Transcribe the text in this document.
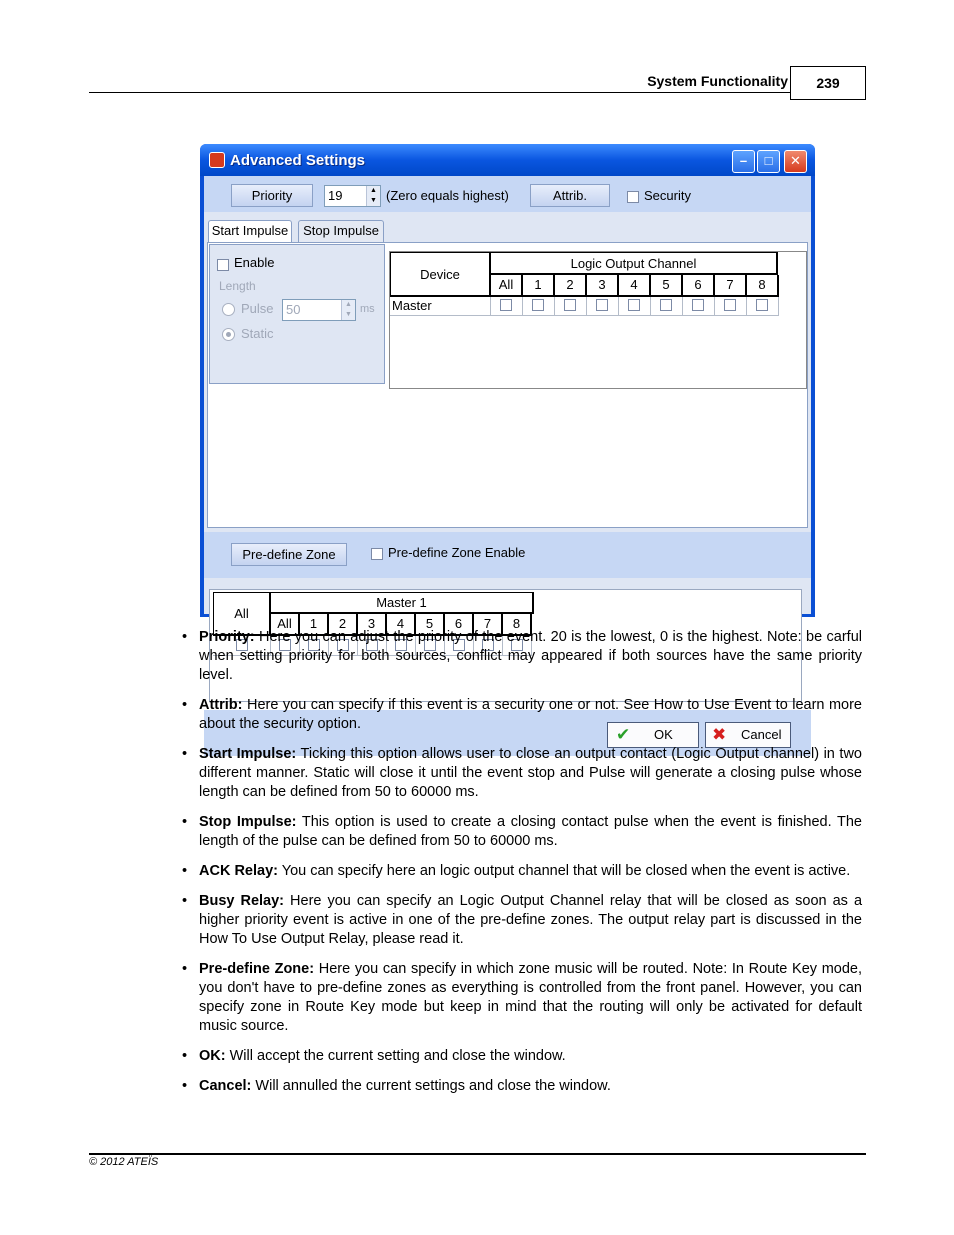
System Functionality	239
© 2012 ATEÏS
Advanced Settings	–	□	✕
Priority	19	▲
▼ (Zero equals highest)	Attrib.	Security
Start Impulse	Stop Impulse
Enable
Length
Pulse 50	▲
▼ ms
Static
Device
Logic Output Channel
All	1	2	3	4	5	6	7	8
Master
Pre-define Zone	Pre-define Zone Enable
All
Master 1
All	1	2	3	4	5	6	7	8
✔ OK ✖ Cancel
• Priority: Here you can adjust the priority of the event. 20 is the lowest, 0 is the highest. Note: be carful when setting priority for both sources, conflict may appeared if both sources have the same priority level.
• Attrib: Here you can specify if this event is a security one or not. See How to Use Event to learn more about the security option.
• Start Impulse: Ticking this option allows user to close an output contact (Logic Output channel) in two different manner. Static will close it until the event stop and Pulse will generate a closing pulse whose length can be defined from 50 to 60000 ms.
• Stop Impulse: This option is used to create a closing contact pulse when the event is finished. The length of the pulse can be defined from 50 to 60000 ms.
• ACK Relay: You can specify here an logic output channel that will be closed when the event is active.
• Busy Relay: Here you can specify an Logic Output Channel relay that will be closed as soon as a higher priority event is active in one of the pre-define zones. The output relay part is discussed in the How To Use Output Relay, please read it.
• Pre-define Zone: Here you can specify in which zone music will be routed. Note: In Route Key mode, you don't have to pre-define zones as everything is controlled from the front panel. However, you can specify zone in Route Key mode but keep in mind that the routing will only be activated for default music source.
• OK: Will accept the current setting and close the window.
• Cancel: Will annulled the current settings and close the window.
